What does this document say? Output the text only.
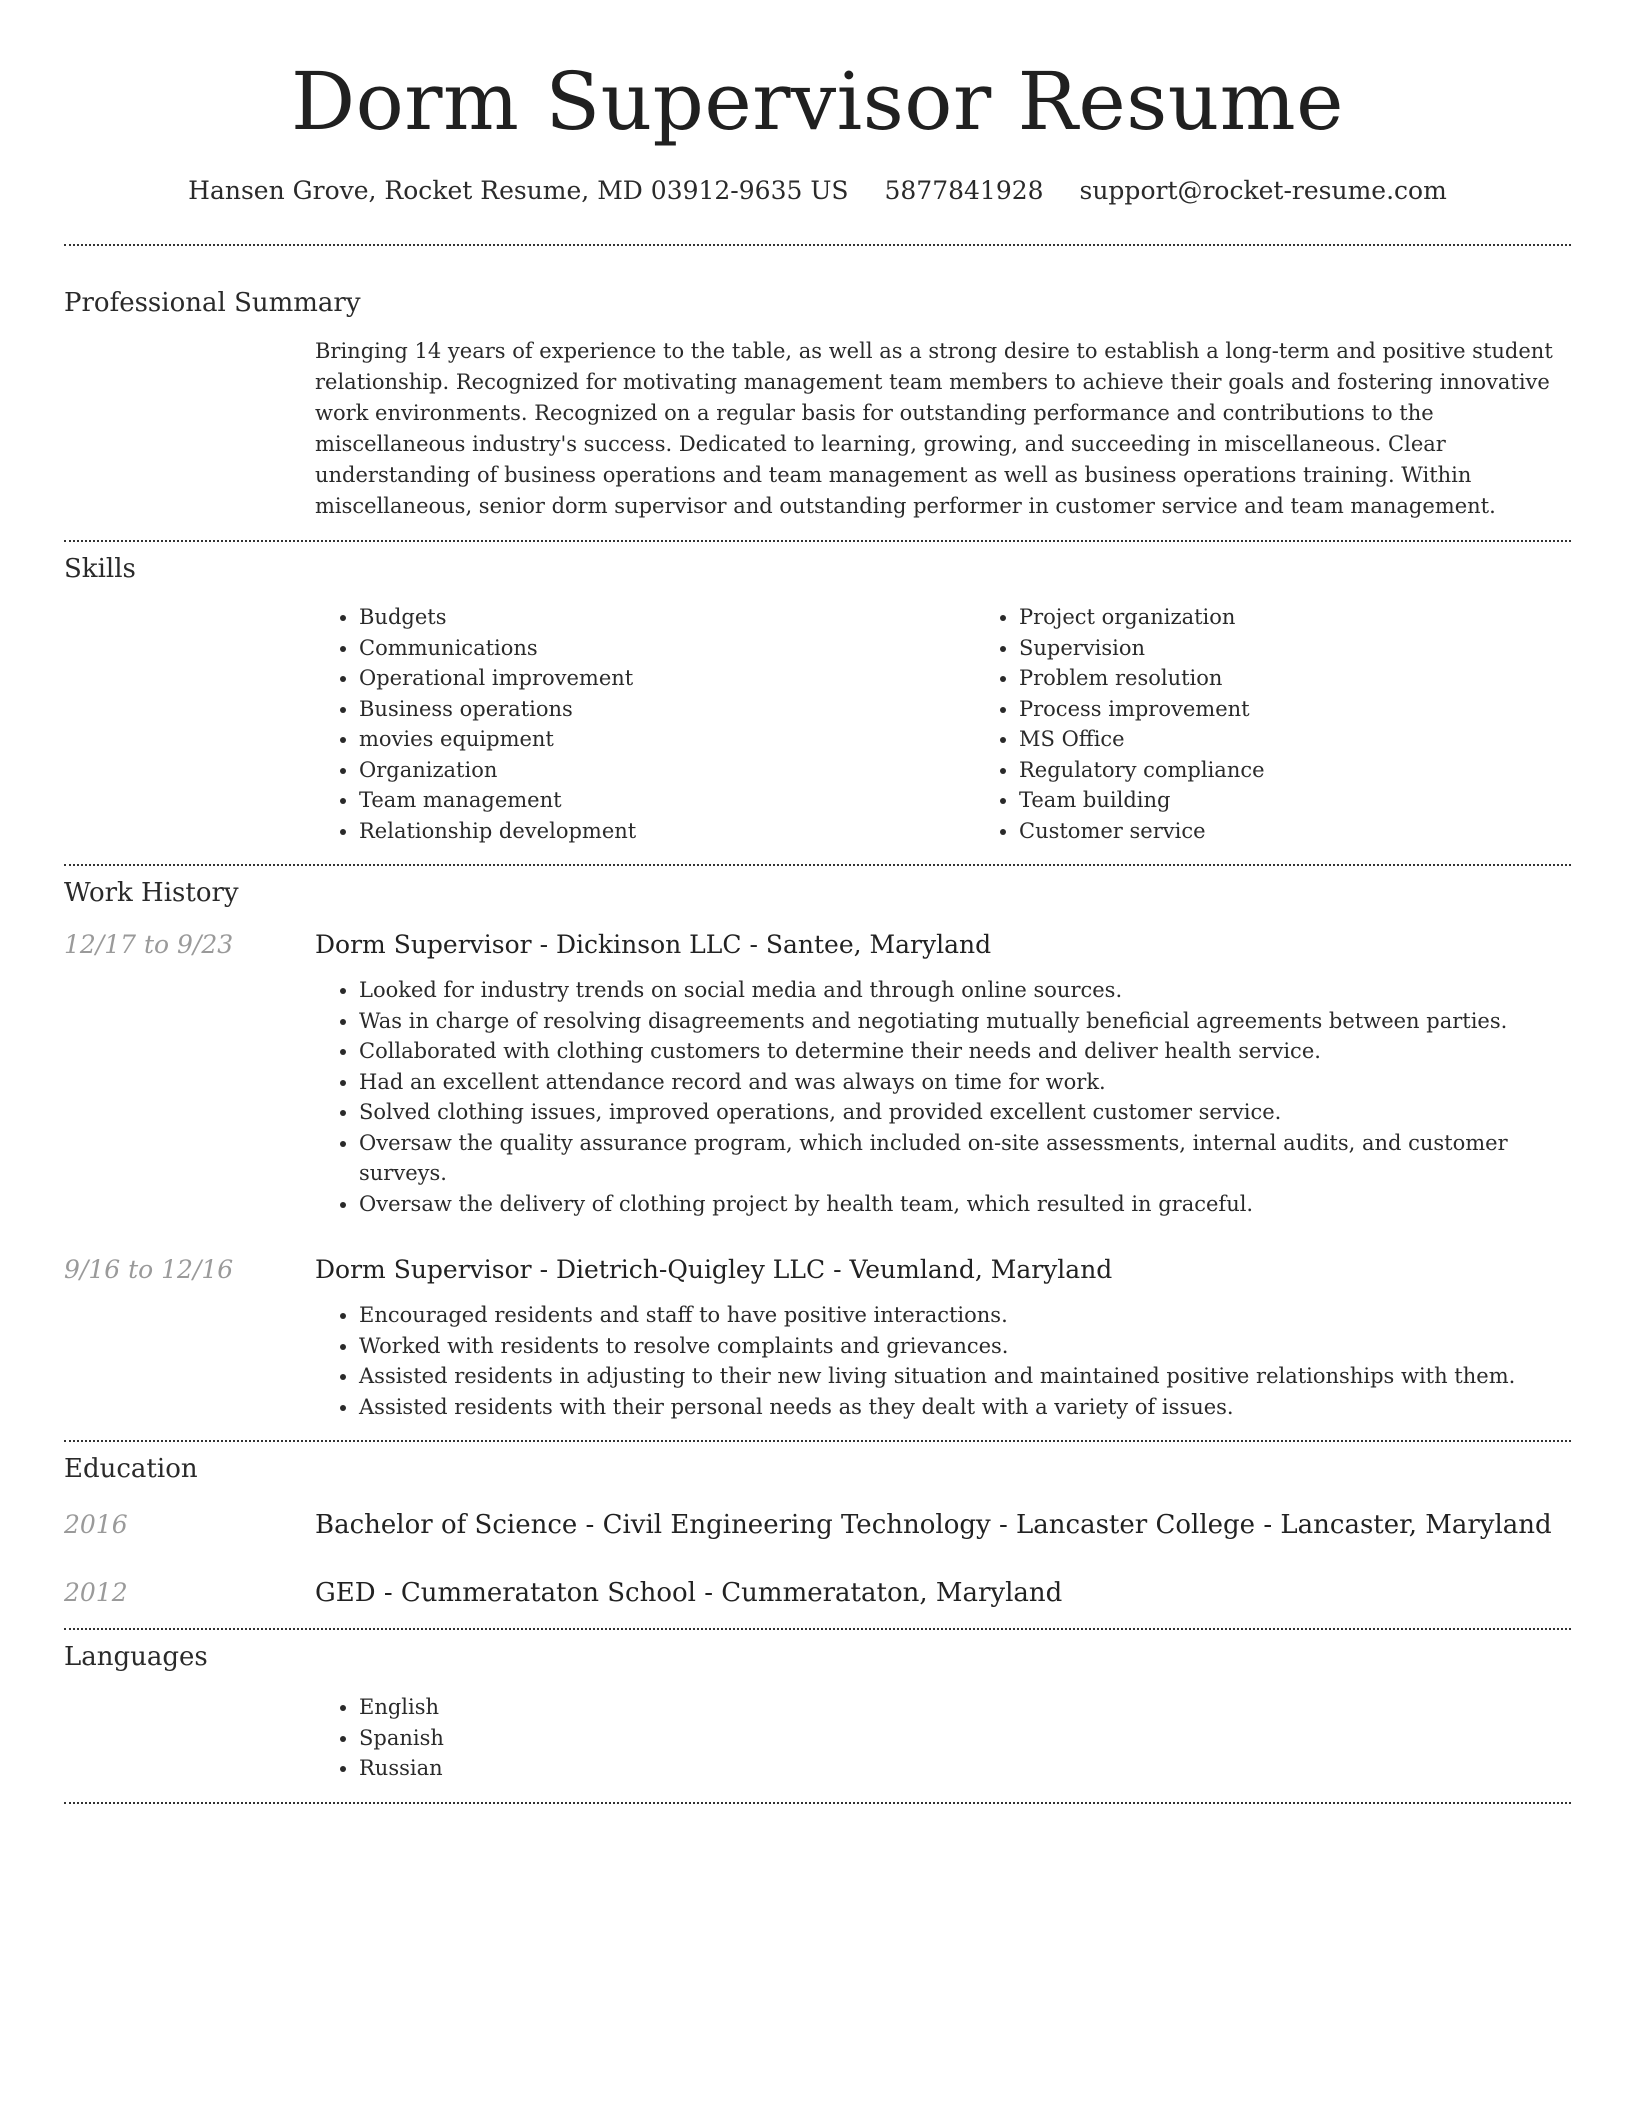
Dorm Supervisor Resume
Hansen Grove, Rocket Resume, MD 03912-9635 US 5877841928 support@rocket-resume.com
Professional Summary

Bringing 14 years of experience to the table, as well as a strong desire to establish a long-term and positive student relationship. Recognized for motivating management team members to achieve their goals and fostering innovative work environments. Recognized on a regular basis for outstanding performance and contributions to the miscellaneous industry's success. Dedicated to learning, growing, and succeeding in miscellaneous. Clear understanding of business operations and team management as well as business operations training. Within miscellaneous, senior dorm supervisor and outstanding performer in customer service and team management.

Skills
• Budgets
• Communications
• Operational improvement
• Business operations
• movies equipment
• Organization
• Team management
• Relationship development
• Project organization
• Supervision
• Problem resolution
• Process improvement
• MS Office
• Regulatory compliance
• Team building
• Customer service
Work History
12/17 to 9/23	Dorm Supervisor - Dickinson LLC - Santee, Maryland
• Looked for industry trends on social media and through online sources.
• Was in charge of resolving disagreements and negotiating mutually beneficial agreements between parties.
• Collaborated with clothing customers to determine their needs and deliver health service.
• Had an excellent attendance record and was always on time for work.
• Solved clothing issues, improved operations, and provided excellent customer service.
• Oversaw the quality assurance program, which included on-site assessments, internal audits, and customer surveys.
• Oversaw the delivery of clothing project by health team, which resulted in graceful.
9/16 to 12/16	Dorm Supervisor - Dietrich-Quigley LLC - Veumland, Maryland
• Encouraged residents and staff to have positive interactions.
• Worked with residents to resolve complaints and grievances.
• Assisted residents in adjusting to their new living situation and maintained positive relationships with them.
• Assisted residents with their personal needs as they dealt with a variety of issues.
Education
2016	Bachelor of Science - Civil Engineering Technology - Lancaster College - Lancaster, Maryland
2012	GED - Cummerataton School - Cummerataton, Maryland
Languages
• English
• Spanish
• Russian
